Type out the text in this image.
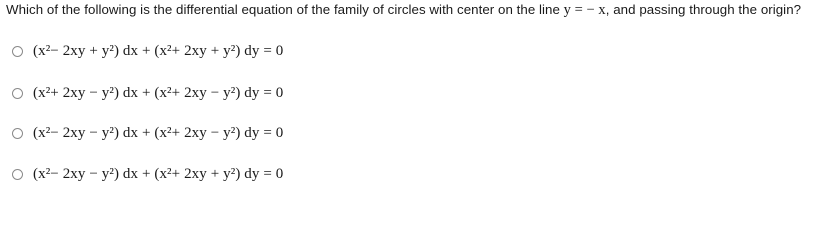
Which of the following is the differential equation of the family of circles with center on the line y = − x, and passing through the origin?
(x²− 2xy + y²) dx + (x²+ 2xy + y²) dy = 0
(x²+ 2xy − y²) dx + (x²+ 2xy − y²) dy = 0
(x²− 2xy − y²) dx + (x²+ 2xy − y²) dy = 0
(x²− 2xy − y²) dx + (x²+ 2xy + y²) dy = 0
